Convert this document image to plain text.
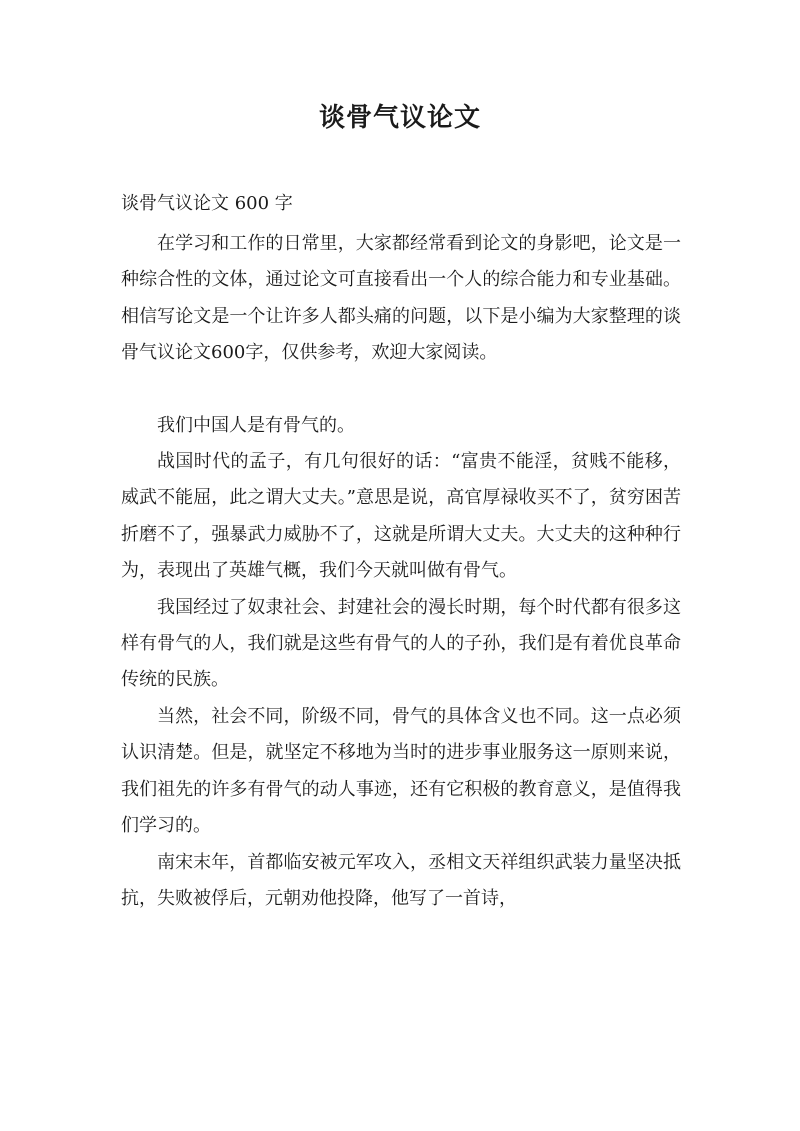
谈骨气议论文
谈骨气议论文 600 字

在学习和工作的日常里，大家都经常看到论文的身影吧，论文是一种综合性的文体，通过论文可直接看出一个人的综合能力和专业基础。相信写论文是一个让许多人都头痛的问题，以下是小编为大家整理的谈骨气议论文600字，仅供参考，欢迎大家阅读。

我们中国人是有骨气的。

战国时代的孟子，有几句很好的话：“富贵不能淫，贫贱不能移，威武不能屈，此之谓大丈夫。”意思是说，高官厚禄收买不了，贫穷困苦折磨不了，强暴武力威胁不了，这就是所谓大丈夫。大丈夫的这种种行为，表现出了英雄气概，我们今天就叫做有骨气。

我国经过了奴隶社会、封建社会的漫长时期，每个时代都有很多这样有骨气的人，我们就是这些有骨气的人的子孙，我们是有着优良革命传统的民族。

当然，社会不同，阶级不同，骨气的具体含义也不同。这一点必须认识清楚。但是，就坚定不移地为当时的进步事业服务这一原则来说，我们祖先的许多有骨气的动人事迹，还有它积极的教育意义，是值得我们学习的。

南宋末年，首都临安被元军攻入，丞相文天祥组织武装力量坚决抵抗，失败被俘后，元朝劝他投降，他写了一首诗，
